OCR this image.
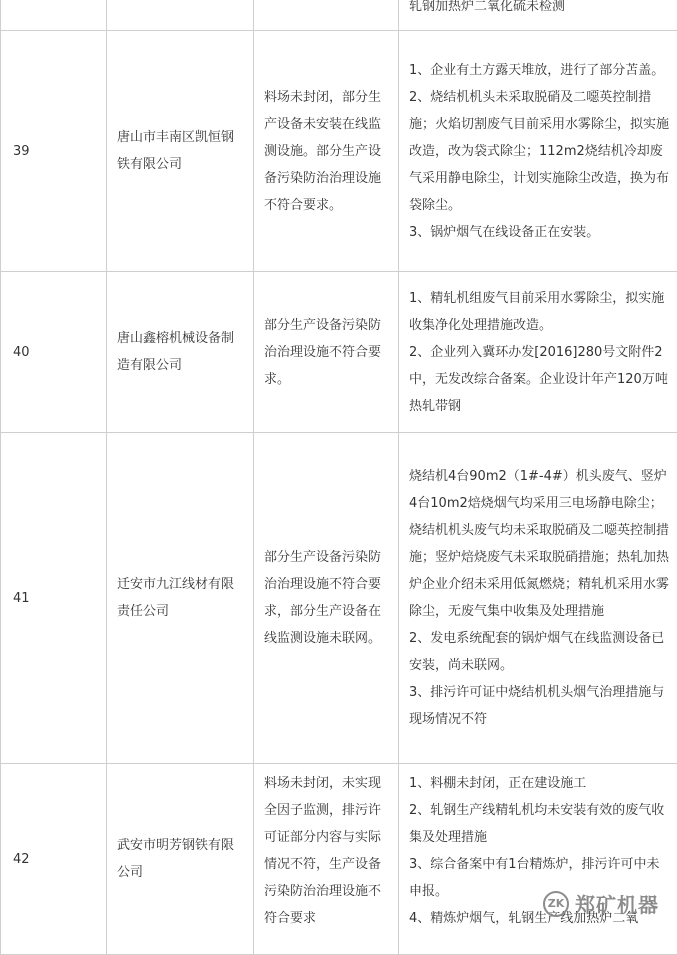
轧钢加热炉二氧化硫未检测

39
唐山市丰南区凯恒钢铁有限公司
料场未封闭，部分生产设备未安装在线监测设施。部分生产设备污染防治治理设施不符合要求。

1、企业有土方露天堆放，进行了部分苫盖。

2、烧结机机头未采取脱硝及二噁英控制措施；火焰切割废气目前采用水雾除尘，拟实施改造，改为袋式除尘；112m2烧结机冷却废气采用静电除尘，计划实施除尘改造，换为布袋除尘。

3、锅炉烟气在线设备正在安装。

40
唐山鑫榕机械设备制造有限公司
部分生产设备污染防治治理设施不符合要求。

1、精轧机组废气目前采用水雾除尘，拟实施收集净化处理措施改造。

2、企业列入冀环办发[2016]280号文附件2中，无发改综合备案。企业设计年产120万吨热轧带钢

41
迁安市九江线材有限责任公司
部分生产设备污染防治治理设施不符合要求，部分生产设备在线监测设施未联网。

烧结机4台90m2（1#-4#）机头废气、竖炉4台10m2焙烧烟气均采用三电场静电除尘；烧结机机头废气均未采取脱硝及二噁英控制措施；竖炉焙烧废气未采取脱硝措施；热轧加热炉企业介绍未采用低氮燃烧；精轧机采用水雾除尘，无废气集中收集及处理措施

2、发电系统配套的锅炉烟气在线监测设备已安装，尚未联网。

3、排污许可证中烧结机机头烟气治理措施与现场情况不符

42
武安市明芳钢铁有限公司
料场未封闭，未实现全因子监测，排污许可证部分内容与实际情况不符，生产设备污染防治治理设施不符合要求

1、料棚未封闭，正在建设施工

2、轧钢生产线精轧机均未安装有效的废气收集及处理措施

3、综合备案中有1台精炼炉，排污许可中未申报。

4、精炼炉烟气，轧钢生产线加热炉二氧

ZK 郑矿机器
